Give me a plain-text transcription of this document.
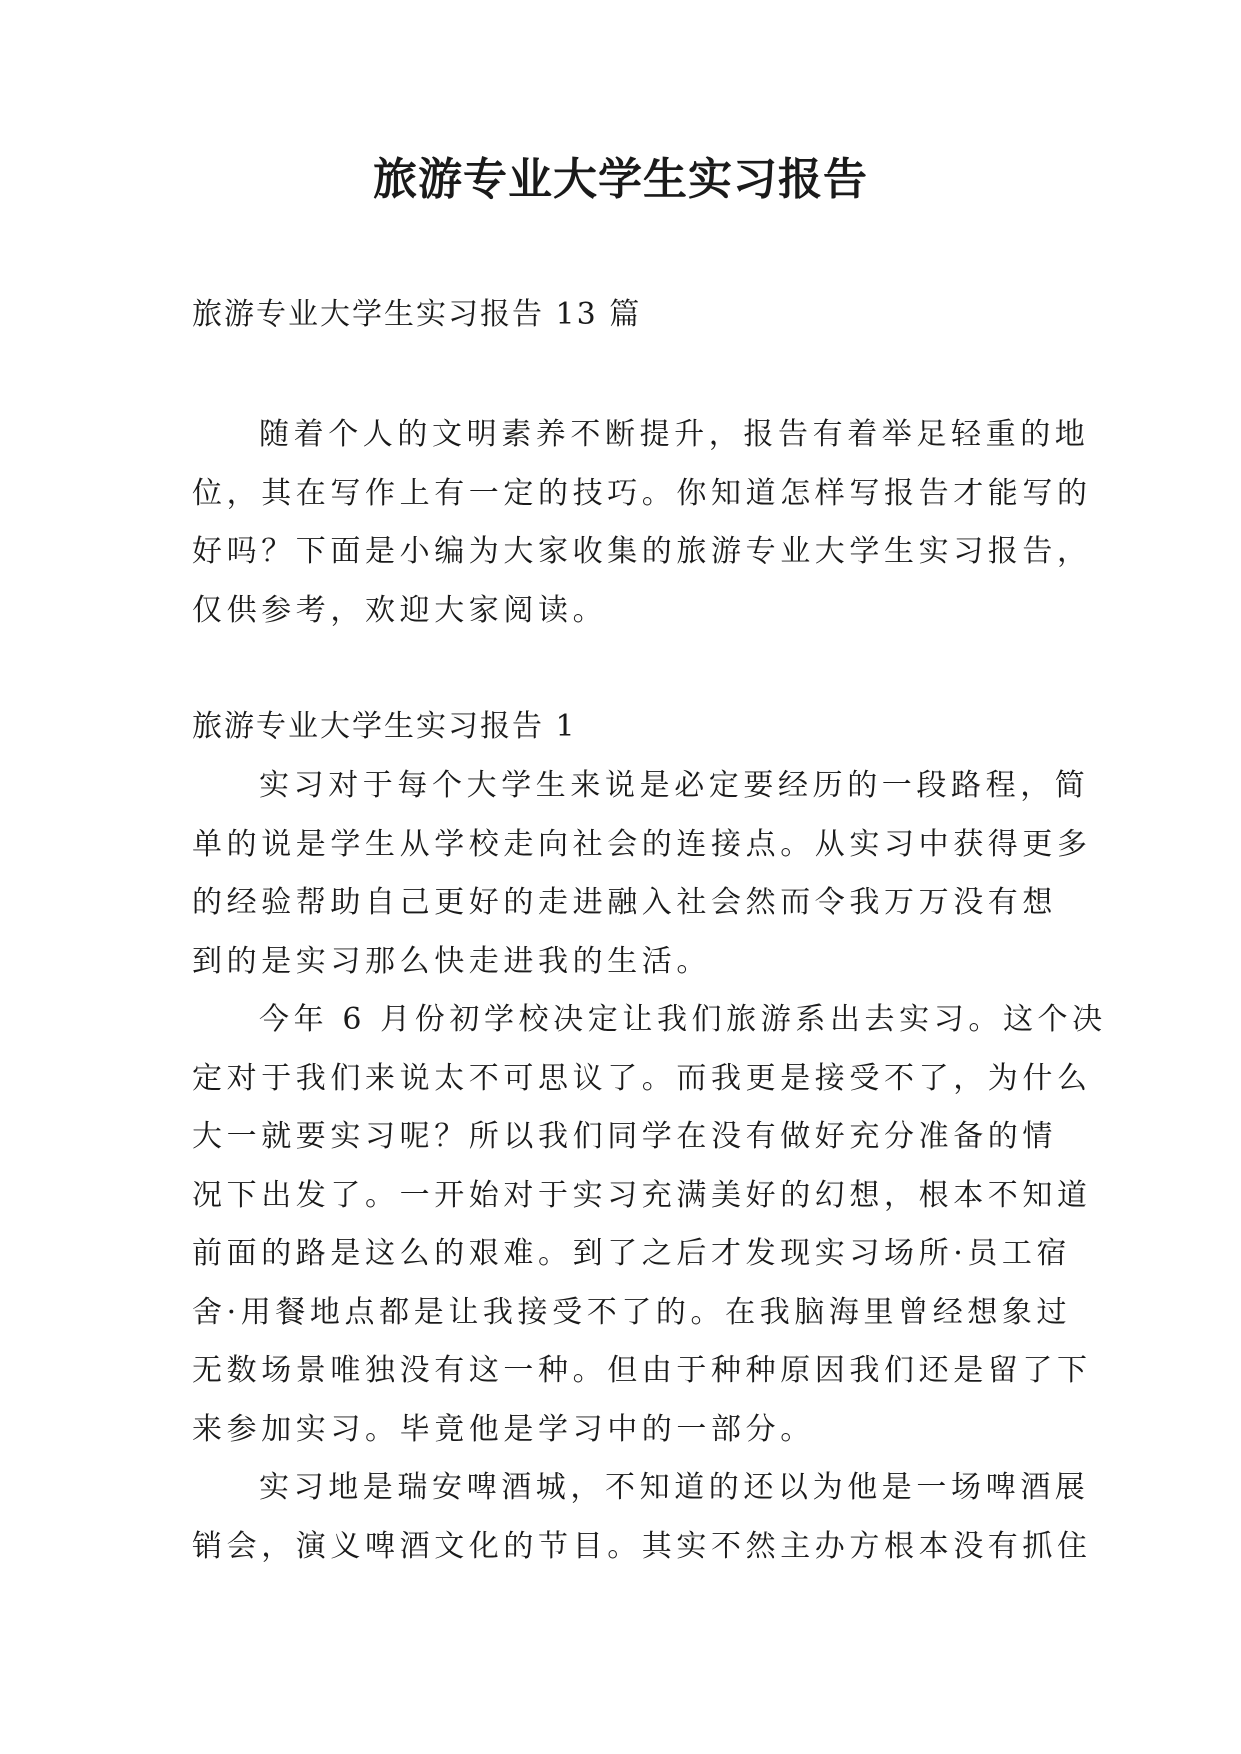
旅游专业大学生实习报告

旅游专业大学生实习报告 13 篇

随着个人的文明素养不断提升，报告有着举足轻重的地
位，其在写作上有一定的技巧。你知道怎样写报告才能写的
好吗？下面是小编为大家收集的旅游专业大学生实习报告，
仅供参考，欢迎大家阅读。

旅游专业大学生实习报告 1

实习对于每个大学生来说是必定要经历的一段路程，简
单的说是学生从学校走向社会的连接点。从实习中获得更多
的经验帮助自己更好的走进融入社会然而令我万万没有想
到的是实习那么快走进我的生活。
今年 6 月份初学校决定让我们旅游系出去实习。这个决
定对于我们来说太不可思议了。而我更是接受不了，为什么
大一就要实习呢？所以我们同学在没有做好充分准备的情
况下出发了。一开始对于实习充满美好的幻想，根本不知道
前面的路是这么的艰难。到了之后才发现实习场所·员工宿
舍·用餐地点都是让我接受不了的。在我脑海里曾经想象过
无数场景唯独没有这一种。但由于种种原因我们还是留了下
来参加实习。毕竟他是学习中的一部分。
实习地是瑞安啤酒城，不知道的还以为他是一场啤酒展
销会，演义啤酒文化的节目。其实不然主办方根本没有抓住
